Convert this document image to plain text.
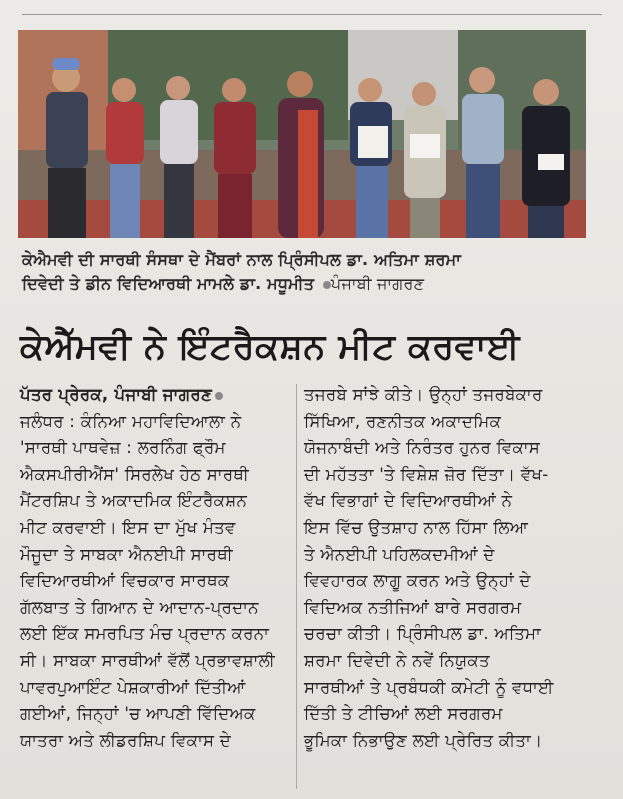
ਕੇਐਮਵੀ ਦੀ ਸਾਰਥੀ ਸੰਸਥਾ ਦੇ ਮੈਂਬਰਾਂ ਨਾਲ ਪ੍ਰਿੰਸੀਪਲ ਡਾ. ਅਤਿਮਾ ਸ਼ਰਮਾ
ਦਿਵੇਦੀ ਤੇ ਡੀਨ ਵਿਦਿਆਰਥੀ ਮਾਮਲੇ ਡਾ. ਮਧੂਮੀਤ ਪੰਜਾਬੀ ਜਾਗਰਣ
ਕੇਐੱਮਵੀ ਨੇ ਇੰਟਰੈਕਸ਼ਨ ਮੀਟ ਕਰਵਾਈ
ਪੱਤਰ ਪ੍ਰੇਰਕ, ਪੰਜਾਬੀ ਜਾਗਰਣ
ਜਲੰਧਰ : ਕੰਨਿਆ ਮਹਾਵਿਦਿਆਲਾ ਨੇ
'ਸਾਰਥੀ ਪਾਥਵੇਜ਼ : ਲਰਨਿੰਗ ਫ੍ਰੌਮ
ਐਕਸਪੀਰੀਐਂਸ' ਸਿਰਲੇਖ ਹੇਠ ਸਾਰਥੀ
ਮੈਂਟਰਸ਼ਿਪ ਤੇ ਅਕਾਦਮਿਕ ਇੰਟਰੈਕਸ਼ਨ
ਮੀਟ ਕਰਵਾਈ। ਇਸ ਦਾ ਮੁੱਖ ਮੰਤਵ
ਮੌਜੂਦਾ ਤੇ ਸਾਬਕਾ ਐਨਈਪੀ ਸਾਰਥੀ
ਵਿਦਿਆਰਥੀਆਂ ਵਿਚਕਾਰ ਸਾਰਥਕ
ਗੱਲਬਾਤ ਤੇ ਗਿਆਨ ਦੇ ਆਦਾਨ-ਪ੍ਰਦਾਨ
ਲਈ ਇੱਕ ਸਮਰਪਿਤ ਮੰਚ ਪ੍ਰਦਾਨ ਕਰਨਾ
ਸੀ। ਸਾਬਕਾ ਸਾਰਥੀਆਂ ਵੱਲੋਂ ਪ੍ਰਭਾਵਸ਼ਾਲੀ
ਪਾਵਰਪੁਆਇੰਟ ਪੇਸ਼ਕਾਰੀਆਂ ਦਿੱਤੀਆਂ
ਗਈਆਂ, ਜਿਨ੍ਹਾਂ 'ਚ ਆਪਣੀ ਵਿੱਦਿਅਕ
ਯਾਤਰਾ ਅਤੇ ਲੀਡਰਸ਼ਿਪ ਵਿਕਾਸ ਦੇ
ਤਜਰਬੇ ਸਾਂਝੇ ਕੀਤੇ। ਉਨ੍ਹਾਂ ਤਜਰਬੇਕਾਰ
ਸਿੱਖਿਆ, ਰਣਨੀਤਕ ਅਕਾਦਮਿਕ
ਯੋਜਨਾਬੰਦੀ ਅਤੇ ਨਿਰੰਤਰ ਹੁਨਰ ਵਿਕਾਸ
ਦੀ ਮਹੱਤਤਾ 'ਤੇ ਵਿਸ਼ੇਸ਼ ਜ਼ੋਰ ਦਿੱਤਾ। ਵੱਖ-
ਵੱਖ ਵਿਭਾਗਾਂ ਦੇ ਵਿਦਿਆਰਥੀਆਂ ਨੇ
ਇਸ ਵਿੱਚ ਉਤਸ਼ਾਹ ਨਾਲ ਹਿੱਸਾ ਲਿਆ
ਤੇ ਐਨਈਪੀ ਪਹਿਲਕਦਮੀਆਂ ਦੇ
ਵਿਵਹਾਰਕ ਲਾਗੂ ਕਰਨ ਅਤੇ ਉਨ੍ਹਾਂ ਦੇ
ਵਿਦਿਅਕ ਨਤੀਜਿਆਂ ਬਾਰੇ ਸਰਗਰਮ
ਚਰਚਾ ਕੀਤੀ। ਪ੍ਰਿੰਸੀਪਲ ਡਾ. ਅਤਿਮਾ
ਸ਼ਰਮਾ ਦਿਵੇਦੀ ਨੇ ਨਵੇਂ ਨਿਯੁਕਤ
ਸਾਰਥੀਆਂ ਤੇ ਪ੍ਰਬੰਧਕੀ ਕਮੇਟੀ ਨੂੰ ਵਧਾਈ
ਦਿੱਤੀ ਤੇ ਟੀਚਿਆਂ ਲਈ ਸਰਗਰਮ
ਭੂਮਿਕਾ ਨਿਭਾਉਣ ਲਈ ਪ੍ਰੇਰਿਤ ਕੀਤਾ।
